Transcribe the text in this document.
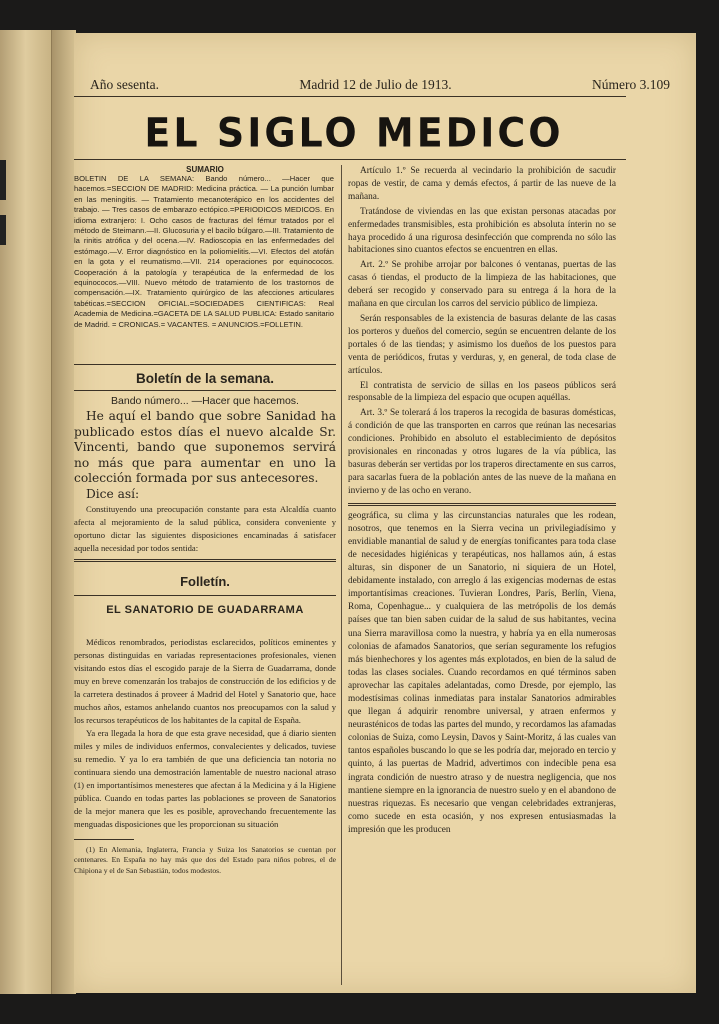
Año sesenta.	Madrid 12 de Julio de 1913.	Número 3.109
EL SIGLO MEDICO
SUMARIO
BOLETIN DE LA SEMANA: Bando número... —Hacer que hacemos.=SECCION DE MADRID: Medicina práctica. — La punción lumbar en las meningitis. — Tratamiento mecanoterápico en los accidentes del trabajo. — Tres casos de embarazo ectópico.=PERIODICOS MEDICOS. En idioma extranjero: I. Ocho casos de fracturas del fémur tratados por el método de Steimann.—II. Glucosuria y el bacilo búlgaro.—III. Tratamiento de la rinitis atrófica y del ocena.—IV. Radioscopia en las enfermedades del estómago.—V. Error diagnóstico en la poliomielitis.—VI. Efectos del atofán en la gota y el reumatismo.—VII. 214 operaciones por equinococos. Cooperación á la patología y terapéutica de la enfermedad de los equinococos.—VIII. Nuevo método de tratamiento de los trastornos de compensación.—IX. Tratamiento quirúrgico de las afecciones articulares tabéticas.=SECCION OFICIAL.=SOCIEDADES CIENTIFICAS: Real Academia de Medicina.=GACETA DE LA SALUD PUBLICA: Estado sanitario de Madrid. = CRONICAS.= VACANTES. = ANUNCIOS.=FOLLETIN.
Boletín de la semana.
Bando número... —Hacer que hacemos.
He aquí el bando que sobre Sanidad ha publicado estos días el nuevo alcalde Sr. Vincenti, bando que suponemos servirá no más que para aumentar en uno la colección formada por sus antecesores.
Dice así:
Constituyendo una preocupación constante para esta Alcaldía cuanto afecta al mejoramiento de la salud pública, considera conveniente y oportuno dictar las siguientes disposiciones encaminadas á satisfacer aquella necesidad por todos sentida:
Folletín.
EL SANATORIO DE GUADARRAMA
Médicos renombrados, periodistas esclarecidos, políticos eminentes y personas distinguidas en variadas representaciones profesionales, vienen visitando estos días el escogido paraje de la Sierra de Guadarrama, donde muy en breve comenzarán los trabajos de construcción de los edificios y de la carretera destinados á proveer á Madrid del Hotel y Sanatorio que, hace muchos años, estamos anhelando cuantos nos preocupamos con la salud y los recursos terapéuticos de los habitantes de la capital de España.
Ya era llegada la hora de que esta grave necesidad, que á diario sienten miles y miles de individuos enfermos, convalecientes y delicados, tuviese su remedio. Y ya lo era también de que una deficiencia tan notoria no continuara siendo una demostración lamentable de nuestro nacional atraso (1) en importantísimos menesteres que afectan á la Medicina y á la Higiene pública. Cuando en todas partes las poblaciones se proveen de Sanatorios de la mejor manera que les es posible, aprovechando frecuentemente las menguadas disposiciones que les proporcionan su situación
(1) En Alemania, Inglaterra, Francia y Suiza los Sanatorios se cuentan por centenares. En España no hay más que dos del Estado para niños pobres, el de Chipiona y el de San Sebastián, todos modestos.

Artículo 1.º Se recuerda al vecindario la prohibición de sacudir ropas de vestir, de cama y demás efectos, á partir de las nueve de la mañana.

Tratándose de viviendas en las que existan personas atacadas por enfermedades transmisibles, esta prohibición es absoluta ínterin no se haya procedido á una rigurosa desinfección que comprenda no sólo las habitaciones sino cuantos efectos se encuentren en ellas.

Art. 2.º Se prohibe arrojar por balcones ó ventanas, puertas de las casas ó tiendas, el producto de la limpieza de las habitaciones, que deberá ser recogido y conservado para su entrega á la hora de la mañana en que circulan los carros del servicio público de limpieza.

Serán responsables de la existencia de basuras delante de las casas los porteros y dueños del comercio, según se encuentren delante de los portales ó de las tiendas; y asimismo los dueños de los puestos para venta de periódicos, frutas y verduras, y, en general, de toda clase de artículos.

El contratista de servicio de sillas en los paseos públicos será responsable de la limpieza del espacio que ocupen aquéllas.

Art. 3.º Se tolerará á los traperos la recogida de basuras domésticas, á condición de que las transporten en carros que reúnan las necesarias condiciones. Prohibido en absoluto el establecimiento de depósitos provisionales en rinconadas y otros lugares de la vía pública, las basuras deberán ser vertidas por los traperos directamente en sus carros, para sacarlas fuera de la población antes de las nueve de la mañana en invierno y de las ocho en verano.

geográfica, su clima y las circunstancias naturales que les rodean, nosotros, que tenemos en la Sierra vecina un privilegiadísimo y envidiable manantial de salud y de energías tonificantes para toda clase de necesidades higiénicas y terapéuticas, nos hallamos aún, á estas alturas, sin disponer de un Sanatorio, ni siquiera de un Hotel, debidamente instalado, con arreglo á las exigencias modernas de estas importantísimas creaciones. Tuvieran Londres, París, Berlín, Viena, Roma, Copenhague... y cualquiera de las metrópolis de los demás países que tan bien saben cuidar de la salud de sus habitantes, vecina una Sierra maravillosa como la nuestra, y habría ya en ella numerosas colonias de afamados Sanatorios, que serían seguramente los refugios más bienhechores y los agentes más explotados, en bien de la salud de todas las clases sociales. Cuando recordamos en qué términos saben aprovechar las capitales adelantadas, como Dresde, por ejemplo, las modestísimas colinas inmediatas para instalar Sanatorios admirables que llegan á adquirir renombre universal, y atraen enfermos y neurasténicos de todas las partes del mundo, y recordamos las afamadas colonias de Suiza, como Leysin, Davos y Saint-Moritz, á las cuales van tantos españoles buscando lo que se les podría dar, mejorado en tercio y quinto, á las puertas de Madrid, advertimos con indecible pena esa ingrata condición de nuestro atraso y de nuestra negligencia, que nos mantiene siempre en la ignorancia de nuestro suelo y en el abandono de nuestras riquezas. Es necesario que vengan celebridades extranjeras, como sucede en esta ocasión, y nos expresen entusiasmadas la impresión que les producen
